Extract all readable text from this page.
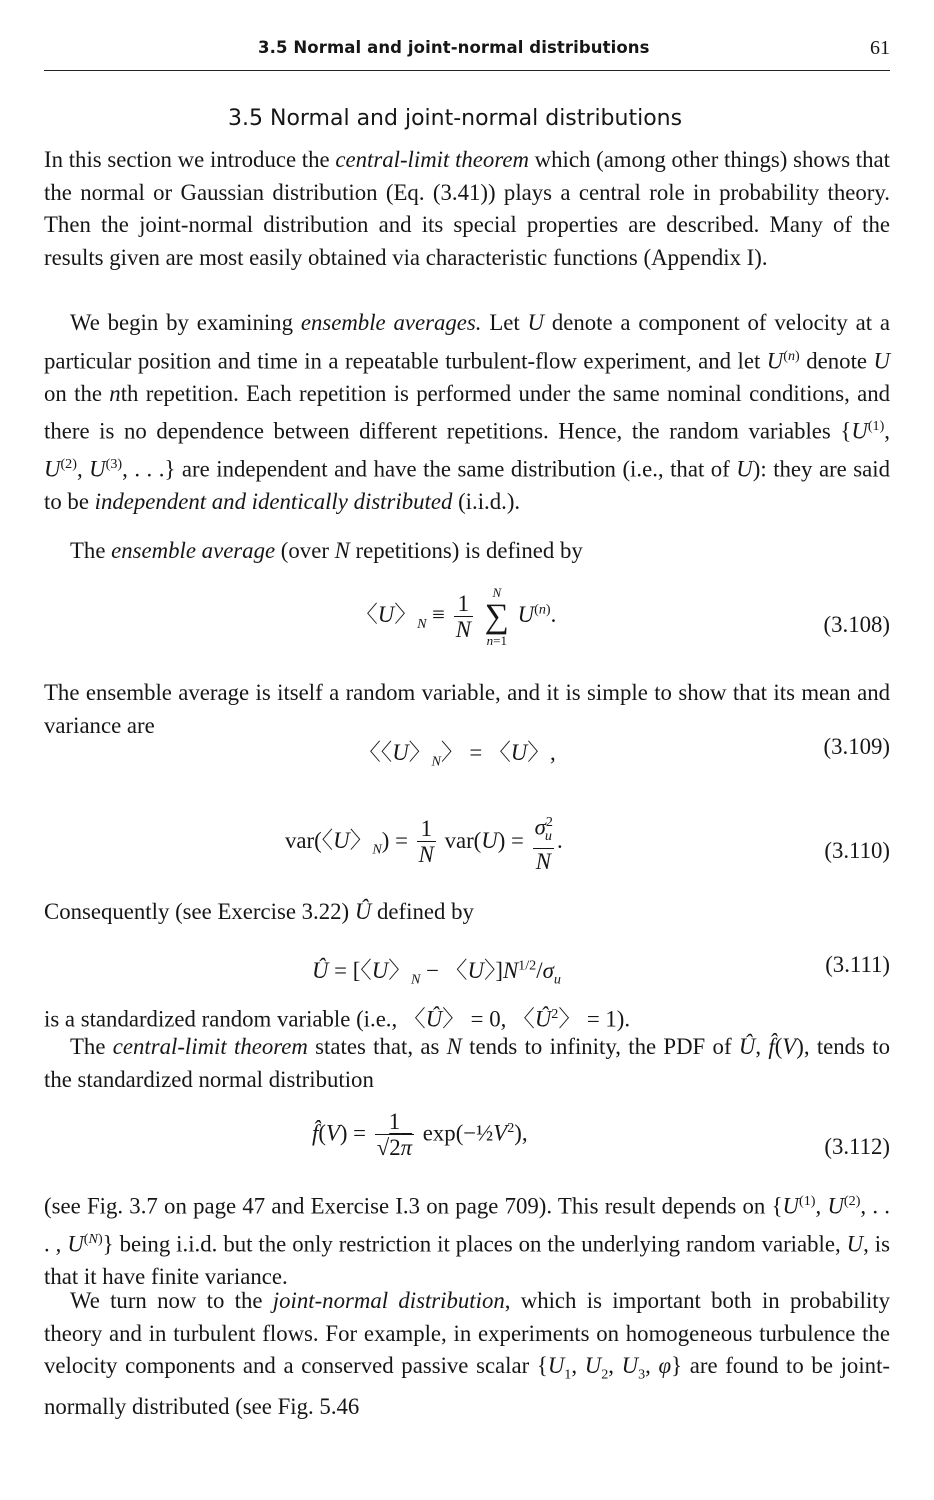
3.5 Normal and joint-normal distributions	61
3.5 Normal and joint-normal distributions

In this section we introduce the central-limit theorem which (among other things) shows that the normal or Gaussian distribution (Eq. (3.41)) plays a central role in probability theory. Then the joint-normal distribution and its special properties are described. Many of the results given are most easily obtained via characteristic functions (Appendix I).

We begin by examining ensemble averages. Let U denote a component of velocity at a particular position and time in a repeatable turbulent-flow experiment, and let $U^{(n)}$ denote U on the nth repetition. Each repetition is performed under the same nominal conditions, and there is no dependence between different repetitions. Hence, the random variables {$U^{(1)}$, $U^{(2)}$, $U^{(3)}$, . . .} are independent and have the same distribution (i.e., that of U): they are said to be independent and identically distributed (i.i.d.).

The ensemble average (over N repetitions) is defined by

〈U〉$_N \equiv \frac{1}{N}$
	N
∑
n=1
$U^{(n)}$.	(3.108)

The ensemble average is itself a random variable, and it is simple to show that its mean and variance are

〈〈U〉$_N$〉 = 〈U〉,	(3.109)
var(〈U〉$_N) = \frac{1}{N} var(U) = \frac{\sigma^2_u}{N}$ .	(3.110)

Consequently (see Exercise 3.22) Û defined by

Û = [〈U〉$_N$ − 〈U〉]$N^{1/2}/\sigma_u$
(3.111)

is a standardized random variable (i.e., 〈Û〉 = 0, 〈$Û^2$〉 = 1).

The central-limit theorem states that, as N tends to infinity, the PDF of Û, f̂(V), tends to the standardized normal distribution

f̂(V) = $\frac{1}{√2\pi}$ $\exp(-\frac{1}{2}V^2)$,
(3.112)

(see Fig. 3.7 on page 47 and Exercise I.3 on page 709). This result depends on {$U^{(1)}$, $U^{(2)}$, . . . , $U^{(N)}$} being i.i.d. but the only restriction it places on the underlying random variable, U, is that it have finite variance.

We turn now to the joint-normal distribution, which is important both in probability theory and in turbulent flows. For example, in experiments on homogeneous turbulence the velocity components and a conserved passive scalar {$U_1$, $U_2$, $U_3$, φ} are found to be joint-normally distributed (see Fig. 5.46
